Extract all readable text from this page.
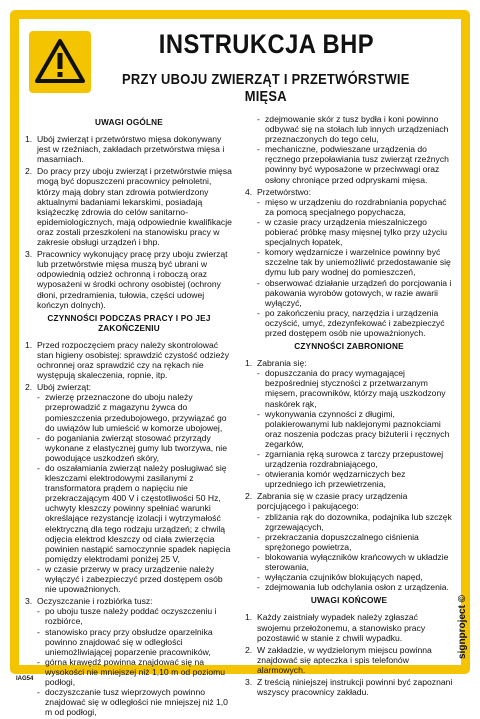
INSTRUKCJA BHP
PRZY UBOJU ZWIERZĄT I PRZETWÓRSTWIE MIĘSA
UWAGI OGÓLNE
1. Ubój zwierząt i przetwórstwo mięsa dokonywany jest w rzeźniach, zakładach przetwórstwa mięsa i masarniach.
2. Do pracy przy uboju zwierząt i przetwórstwie mięsa mogą być dopuszczeni pracownicy pełnoletni, którzy mają dobry stan zdrowia potwierdzony aktualnymi badaniami lekarskimi, posiadają książeczkę zdrowia do celów sanitarno-epidemiologicznych, mają odpowiednie kwalifikacje oraz zostali przeszkoleni na stanowisku pracy w zakresie obsługi urządzeń i bhp.
3. Pracownicy wykonujący pracę przy uboju zwierząt lub przetwórstwie mięsa muszą być ubrani w odpowiednią odzież ochronną i roboczą oraz wyposażeni w środki ochrony osobistej (ochrony dłoni, przedramienia, tułowia, części udowej kończyn dolnych).
CZYNNOŚCI PODCZAS PRACY I PO JEJ ZAKOŃCZENIU
1. Przed rozpoczęciem pracy należy skontrolować stan higieny osobistej: sprawdzić czystość odzieży ochronnej oraz sprawdzić czy na rękach nie występują skaleczenia, ropnie, itp.
2. Ubój zwierząt:
- zwierzę przeznaczone do uboju należy przeprowadzić z magazynu żywca do pomieszczenia przedubojowego, przywiązać go do uwiązów lub umieścić w komorze ubojowej,
- do poganiania zwierząt stosować przyrządy wykonane z elastycznej gumy lub tworzywa, nie powodujące uszkodzeń skóry,
- do oszałamiania zwierząt należy posługiwać się kleszczami elektrodowymi zasilanymi z transformatora prądem o napięciu nie przekraczającym 400 V i częstotliwości 50 Hz, uchwyty kleszczy powinny spełniać warunki określające rezystancję izolacji i wytrzymałość elektryczną dla tego rodzaju urządzeń; z chwilą odjęcia elektrod kleszczy od ciała zwierzęcia powinien nastąpić samoczynnie spadek napięcia pomiędzy elektrodami poniżej 25 V,
- w czasie przerwy w pracy urządzenie należy wyłączyć i zabezpieczyć przed dostępem osób nie upoważnionych.
3. Oczyszczanie i rozbiórka tusz:
- po uboju tusze należy poddać oczyszczeniu i rozbiórce,
- stanowisko pracy przy obsłudze oparzelnika powinno znajdować się w odległości uniemożliwiającej poparzenie pracowników,
- górna krawędź powinna znajdować się na wysokości nie mniejszej niż 1,10 m od poziomu podłogi,
- doczyszczanie tusz wieprzowych powinno znajdować się w odległości nie mniejszej niż 1,0 m od podłogi,
- zdejmowanie skór z tusz bydła i koni powinno odbywać się na stołach lub innych urządzeniach przeznaczonych do tego celu,
- mechaniczne, podwieszane urządzenia do ręcznego przepoławiania tusz zwierząt rzeźnych powinny być wyposażone w przeciwwagi oraz osłony chroniące przed odpryskami mięsa.
4. Przetwórstwo:
- mięso w urządzeniu do rozdrabniania popychać za pomocą specjalnego popychacza,
- w czasie pracy urządzenia mieszalniczego pobierać próbkę masy mięsnej tylko przy użyciu specjalnych łopatek,
- komory wędzarnicze i warzelnice powinny być szczelne tak by uniemożliwić przedostawanie się dymu lub pary wodnej do pomieszczeń,
- obserwować działanie urządzeń do porcjowania i pakowania wyrobów gotowych, w razie awarii wyłączyć,
- po zakończeniu pracy, narzędzia i urządzenia oczyścić, umyć, zdezynfekować i zabezpieczyć przed dostępem osób nie upoważnionych.
CZYNNOŚCI ZABRONIONE
1. Zabrania się:
- dopuszczania do pracy wymagającej bezpośredniej styczności z przetwarzanym mięsem, pracowników, którzy mają uszkodzony naskórek rąk,
- wykonywania czynności z długimi, polakierowanymi lub naklejonymi paznokciami oraz noszenia podczas pracy biżuterii i ręcznych zegarków,
- zgarniania ręką surowca z tarczy przepustowej urządzenia rozdrabniającego,
- otwierania komór wędzarniczych bez uprzedniego ich przewietrzenia,
2. Zabrania się w czasie pracy urządzenia porcjującego i pakującego:
- zbliżania rąk do dozownika, podajnika lub szczęk zgrzewających,
- przekraczania dopuszczalnego ciśnienia sprężonego powietrza,
- blokowania wyłączników krańcowych w układzie sterowania,
- wyłączania czujników blokujących napęd,
- zdejmowania lub odchylania osłon z urządzenia.
UWAGI KOŃCOWE
1. Każdy zaistniały wypadek należy zgłaszać swojemu przełożonemu, a stanowisko pracy pozostawić w stanie z chwili wypadku.
2. W zakładzie, w wydzielonym miejscu powinna znajdować się apteczka i spis telefonów alarmowych.
3. Z treścią niniejszej instrukcji powinni być zapoznani wszyscy pracownicy zakładu.
signproject ©
IAG54
